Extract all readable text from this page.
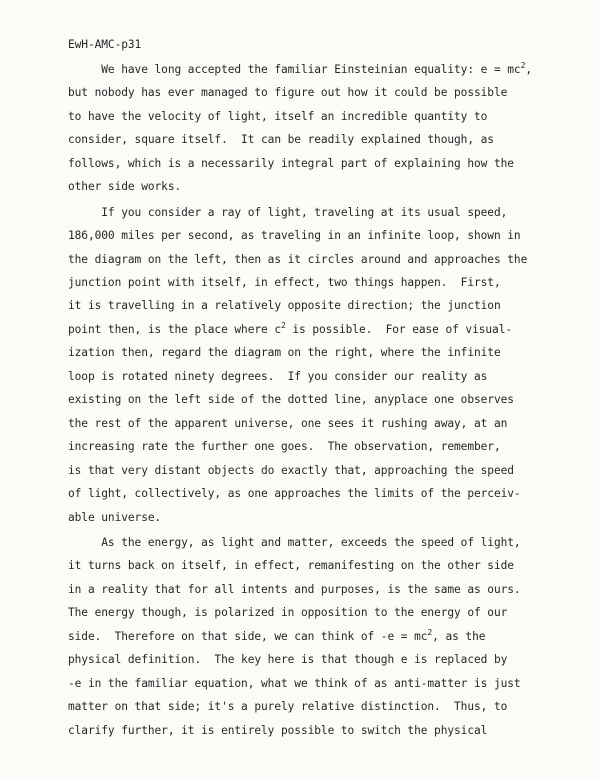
EwH-AMC-p31
We have long accepted the familiar Einsteinian equality: $e = mc^2$,
but nobody has ever managed to figure out how it could be possible
to have the velocity of light, itself an incredible quantity to
consider, square itself.  It can be readily explained though, as
follows, which is a necessarily integral part of explaining how the
other side works.
If you consider a ray of light, traveling at its usual speed,
186,000 miles per second, as traveling in an infinite loop, shown in
the diagram on the left, then as it circles around and approaches the
junction point with itself, in effect, two things happen.  First,
it is travelling in a relatively opposite direction; the junction
point then, is the place where $c^2$ is possible.  For ease of visual-
ization then, regard the diagram on the right, where the infinite
loop is rotated ninety degrees.  If you consider our reality as
existing on the left side of the dotted line, anyplace one observes
the rest of the apparent universe, one sees it rushing away, at an
increasing rate the further one goes.  The observation, remember,
is that very distant objects do exactly that, approaching the speed
of light, collectively, as one approaches the limits of the perceiv-
able universe.
As the energy, as light and matter, exceeds the speed of light,
it turns back on itself, in effect, remanifesting on the other side
in a reality that for all intents and purposes, is the same as ours.
The energy though, is polarized in opposition to the energy of our
side.  Therefore on that side, we can think of $-e = mc^2$, as the
physical definition.  The key here is that though e is replaced by
-e in the familiar equation, what we think of as anti-matter is just
matter on that side; it's a purely relative distinction.  Thus, to
clarify further, it is entirely possible to switch the physical
